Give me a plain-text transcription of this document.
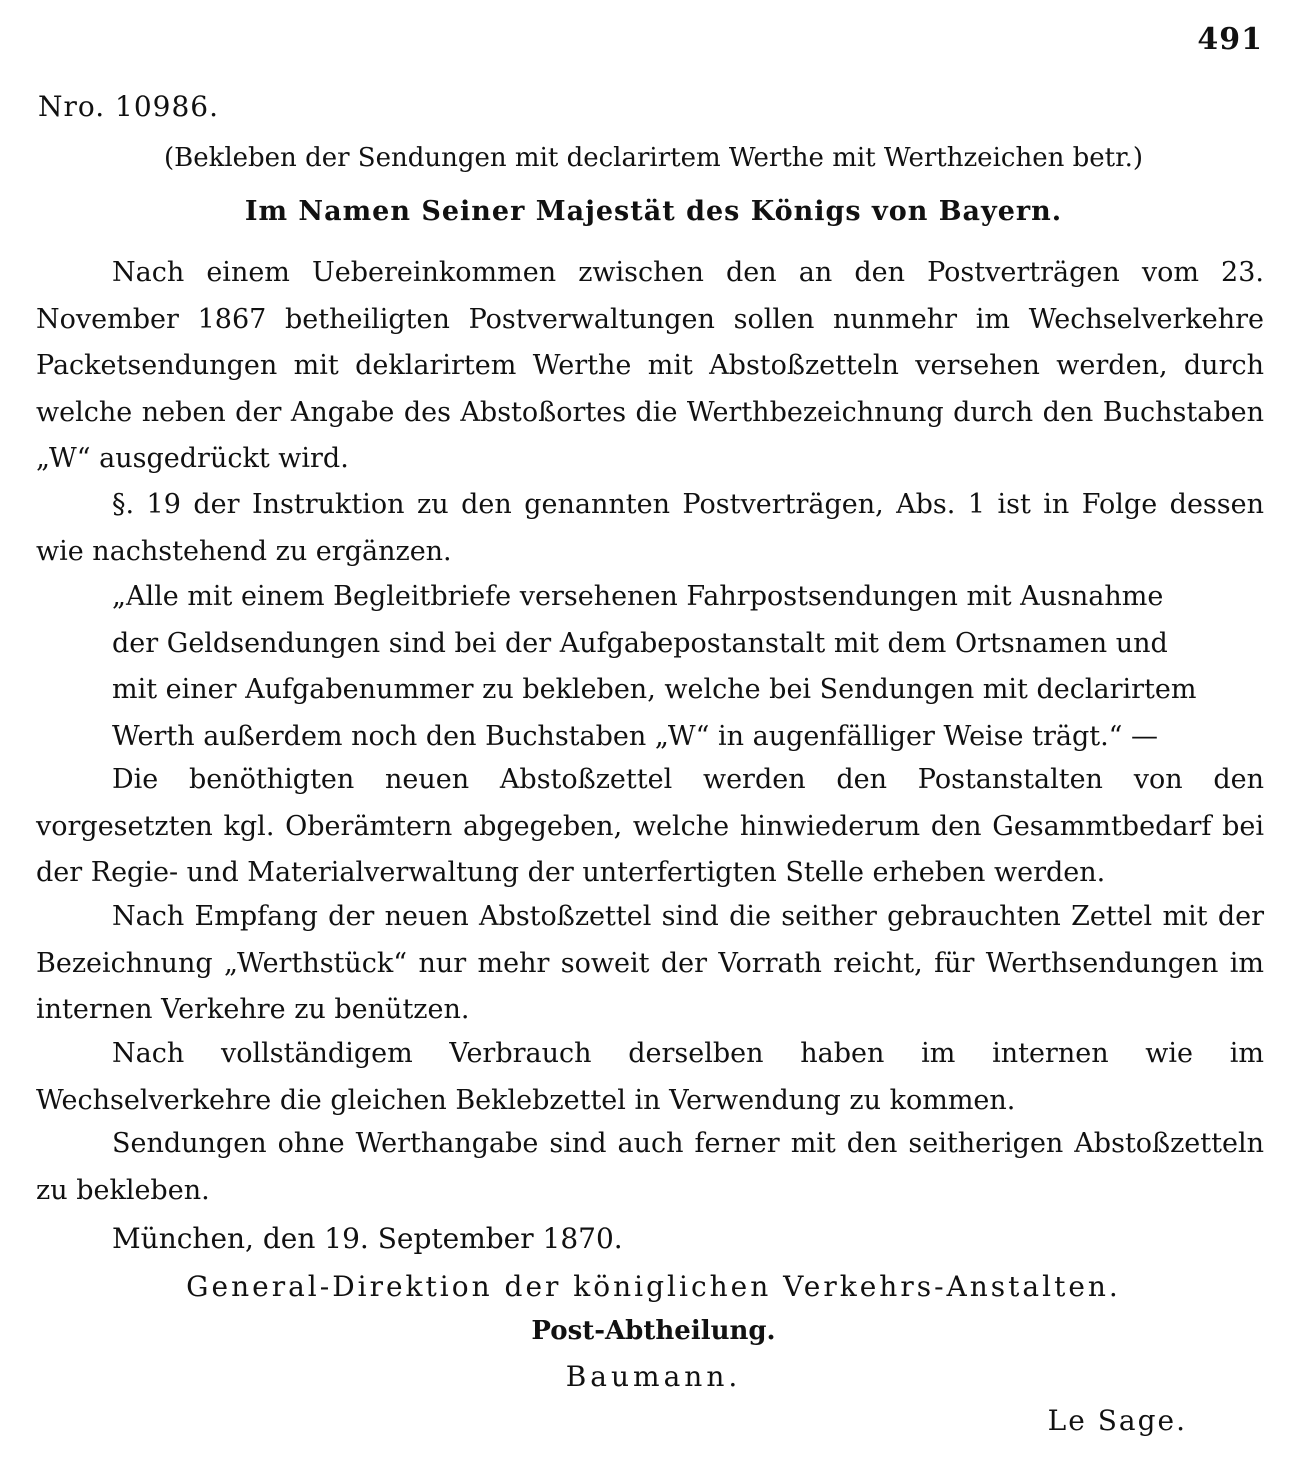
491
Nro. 10986.
(Bekleben der Sendungen mit declarirtem Werthe mit Werthzeichen betr.)
Im Namen Seiner Majestät des Königs von Bayern.

Nach einem Uebereinkommen zwischen den an den Postverträgen vom 23. November 1867 betheiligten Postverwaltungen sollen nunmehr im Wechselverkehre Packetsendungen mit deklarirtem Werthe mit Abstoßzetteln versehen werden, durch welche neben der Angabe des Abstoßortes die Werthbezeichnung durch den Buchstaben „W“ ausgedrückt wird.

§. 19 der Instruktion zu den genannten Postverträgen, Abs. 1 ist in Folge dessen wie nachstehend zu ergänzen.

„Alle mit einem Begleitbriefe versehenen Fahrpostsendungen mit Ausnahme
der Geldsendungen sind bei der Aufgabepostanstalt mit dem Ortsnamen und
mit einer Aufgabenummer zu bekleben, welche bei Sendungen mit declarirtem
Werth außerdem noch den Buchstaben „W“ in augenfälliger Weise trägt.“ —

Die benöthigten neuen Abstoßzettel werden den Postanstalten von den vorgesetzten kgl. Oberämtern abgegeben, welche hinwiederum den Gesammtbedarf bei der Regie- und Materialverwaltung der unterfertigten Stelle erheben werden.

Nach Empfang der neuen Abstoßzettel sind die seither gebrauchten Zettel mit der Bezeichnung „Werthstück“ nur mehr soweit der Vorrath reicht, für Werthsendungen im internen Verkehre zu benützen.

Nach vollständigem Verbrauch derselben haben im internen wie im Wechselverkehre die gleichen Beklebzettel in Verwendung zu kommen.

Sendungen ohne Werthangabe sind auch ferner mit den seitherigen Abstoßzetteln zu bekleben.

München, den 19. September 1870.
General-Direktion der königlichen Verkehrs-Anstalten.
Post-Abtheilung.
Baumann.
Le Sage.
